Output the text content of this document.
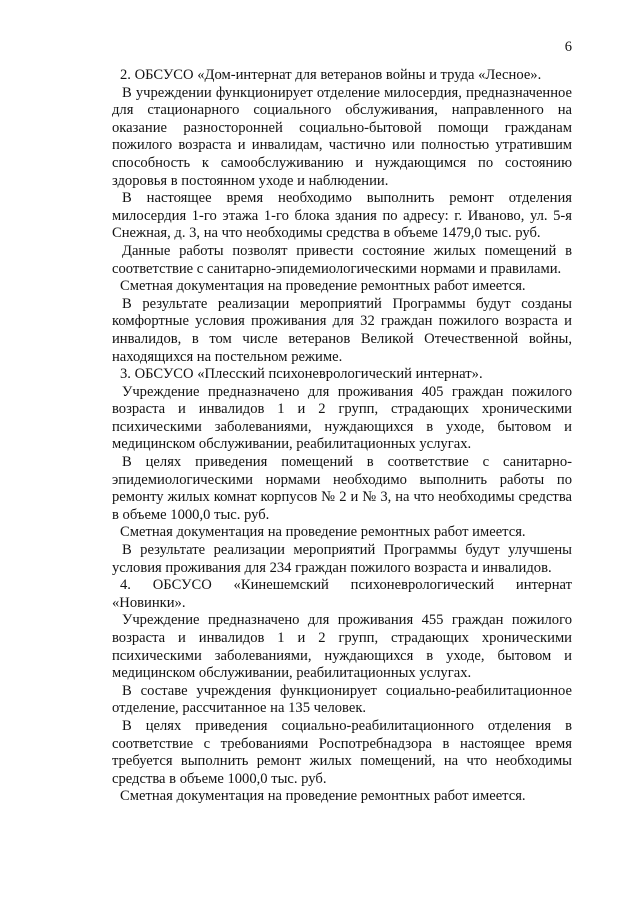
6

2. ОБСУСО «Дом-интернат для ветеранов войны и труда «Лесное».

В учреждении функционирует отделение милосердия, предназначенное для стационарного социального обслуживания, направленного на оказание разносторонней социально-бытовой помощи гражданам пожилого возраста и инвалидам, частично или полностью утратившим способность к самообслуживанию и нуждающимся по состоянию здоровья в постоянном уходе и наблюдении.

В настоящее время необходимо выполнить ремонт отделения милосердия 1-го этажа 1-го блока здания по адресу: г. Иваново, ул. 5-я Снежная, д. 3, на что необходимы средства в объеме 1479,0 тыс. руб.

Данные работы позволят привести состояние жилых помещений в соответствие с санитарно-эпидемиологическими нормами и правилами.

Сметная документация на проведение ремонтных работ имеется.

В результате реализации мероприятий Программы будут созданы комфортные условия проживания для 32 граждан пожилого возраста и инвалидов, в том числе ветеранов Великой Отечественной войны, находящихся на постельном режиме.

3. ОБСУСО «Плесский психоневрологический интернат».

Учреждение предназначено для проживания 405 граждан пожилого возраста и инвалидов 1 и 2 групп, страдающих хроническими психическими заболеваниями, нуждающихся в уходе, бытовом и медицинском обслуживании, реабилитационных услугах.

В целях приведения помещений в соответствие с санитарно-эпидемиологическими нормами необходимо выполнить работы по ремонту жилых комнат корпусов № 2 и № 3, на что необходимы средства в объеме 1000,0 тыс. руб.

Сметная документация на проведение ремонтных работ имеется.

В результате реализации мероприятий Программы будут улучшены условия проживания для 234 граждан пожилого возраста и инвалидов.

4. ОБСУСО «Кинешемский психоневрологический интернат «Новинки».

Учреждение предназначено для проживания 455 граждан пожилого возраста и инвалидов 1 и 2 групп, страдающих хроническими психическими заболеваниями, нуждающихся в уходе, бытовом и медицинском обслуживании, реабилитационных услугах.

В составе учреждения функционирует социально-реабилитационное отделение, рассчитанное на 135 человек.

В целях приведения социально-реабилитационного отделения в соответствие с требованиями Роспотребнадзора в настоящее время требуется выполнить ремонт жилых помещений, на что необходимы средства в объеме 1000,0 тыс. руб.

Сметная документация на проведение ремонтных работ имеется.
